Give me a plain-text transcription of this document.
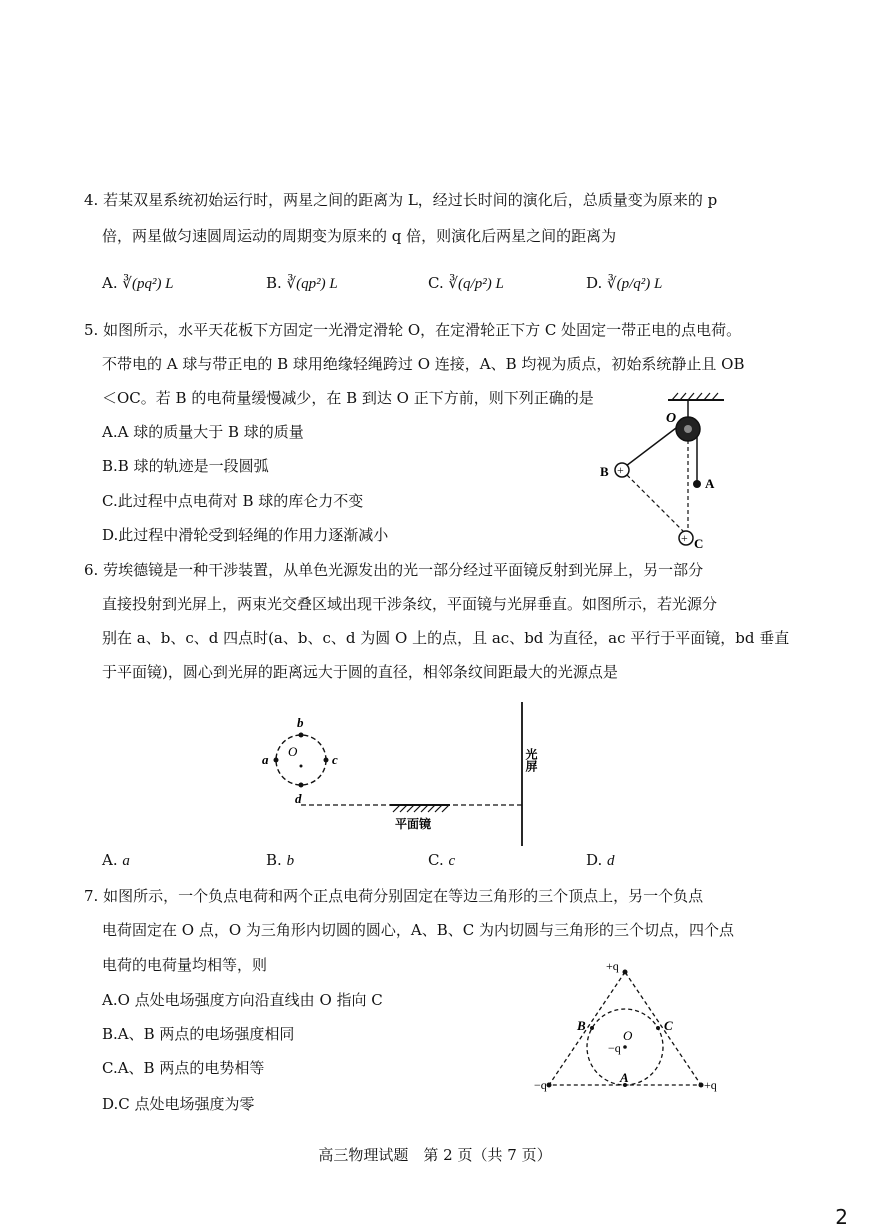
4. 若某双星系统初始运行时，两星之间的距离为 L，经过长时间的演化后，总质量变为原来的 p
倍，两星做匀速圆周运动的周期变为原来的 q 倍，则演化后两星之间的距离为
A. ∛(pq²) L	B. ∛(qp²) L	C. ∛(q/p²) L	D. ∛(p/q²) L
5. 如图所示，水平天花板下方固定一光滑定滑轮 O，在定滑轮正下方 C 处固定一带正电的点电荷。
不带电的 A 球与带正电的 B 球用绝缘轻绳跨过 O 连接，A、B 均视为质点，初始系统静止且 OB
＜OC。若 B 的电荷量缓慢减少，在 B 到达 O 正下方前，则下列正确的是
A.A 球的质量大于 B 球的质量
B.B 球的轨迹是一段圆弧
C.此过程中点电荷对 B 球的库仑力不变
D.此过程中滑轮受到轻绳的作用力逐渐减小
+
+
O
B
A
C
6. 劳埃德镜是一种干涉装置，从单色光源发出的光一部分经过平面镜反射到光屏上，另一部分
直接投射到光屏上，两束光交叠区域出现干涉条纹，平面镜与光屏垂直。如图所示，若光源分
别在 a、b、c、d 四点时(a、b、c、d 为圆 O 上的点，且 ac、bd 为直径，ac 平行于平面镜，bd 垂直
于平面镜)，圆心到光屏的距离远大于圆的直径，相邻条纹间距最大的光源点是
b
a	c
d
O
平面镜
光屏
A. a	B. b	C. c	D. d
7. 如图所示，一个负点电荷和两个正点电荷分别固定在等边三角形的三个顶点上，另一个负点
电荷固定在 O 点，O 为三角形内切圆的圆心，A、B、C 为内切圆与三角形的三个切点，四个点
电荷的电荷量均相等，则
A.O 点处电场强度方向沿直线由 O 指向 C
B.A、B 两点的电场强度相同
C.A、B 两点的电势相等
D.C 点处电场强度为零
+q
−q	+q
−q
O
B	C
A
高三物理试题　第 2 页（共 7 页）
2
